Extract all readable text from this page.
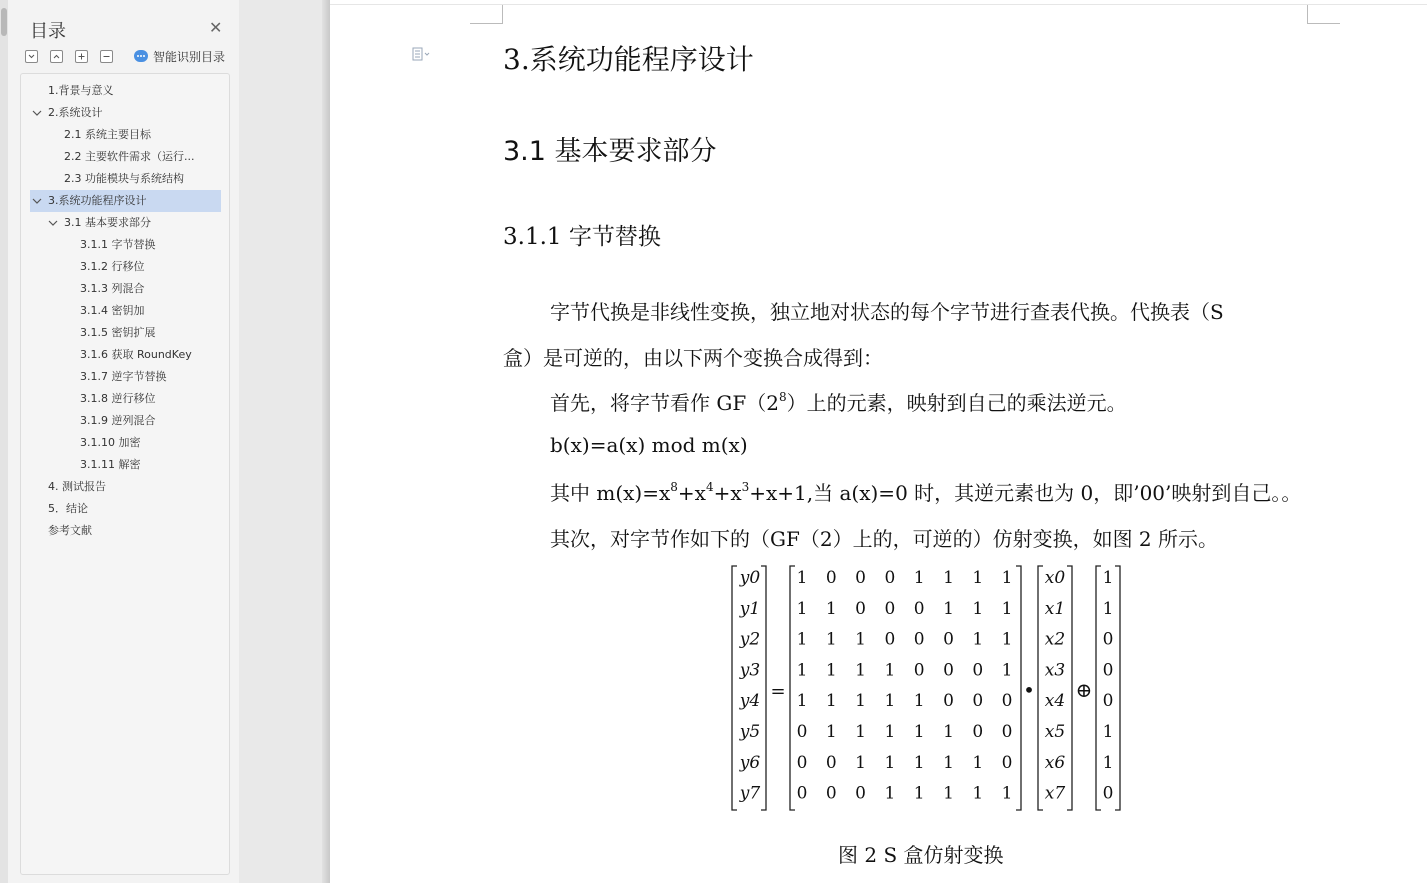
目录	✕
智能识别目录
1.背景与意义
2.系统设计
2.1 系统主要目标
2.2 主要软件需求（运行...
2.3 功能模块与系统结构
3.系统功能程序设计
3.1 基本要求部分
3.1.1 字节替换
3.1.2 行移位
3.1.3 列混合
3.1.4 密钥加
3.1.5 密钥扩展
3.1.6 获取 RoundKey
3.1.7 逆字节替换
3.1.8 逆行移位
3.1.9 逆列混合
3.1.10 加密
3.1.11 解密
4. 测试报告
5．结论
参考文献
3.系统功能程序设计
3.1 基本要求部分
3.1.1 字节替换
字节代换是非线性变换，独立地对状态的每个字节进行查表代换。代换表（S
盒）是可逆的，由以下两个变换合成得到：
首先，将字节看作 $GF(2^8)$上的元素，映射到自己的乘法逆元。
b(x)=a(x) mod m(x)
其中 $m(x)=x^8+x^4+x^3+x+1$,当 a(x)=0 时，其逆元素也为 0，即’00’映射到自己。。
其次，对字节作如下的（GF（2）上的，可逆的）仿射变换，如图 2 所示。
y0 1 0 0 0 1 1 1 1 x0 1
y1 1 1 0 0 0 1 1 1 x1 1
y2 1 1 1 0 0 0 1 1 x2 0
y3 1 1 1 1 0 0 0 1 x3 0
y4 1 1 1 1 1 0 0 0 x4 0
y5 0 1 1 1 1 1 0 0 x5 1
y6 0 0 1 1 1 1 1 0 x6 1
y7 0 0 0 1 1 1 1 1 x7 0
=	• ⊕
图 2 S 盒仿射变换
